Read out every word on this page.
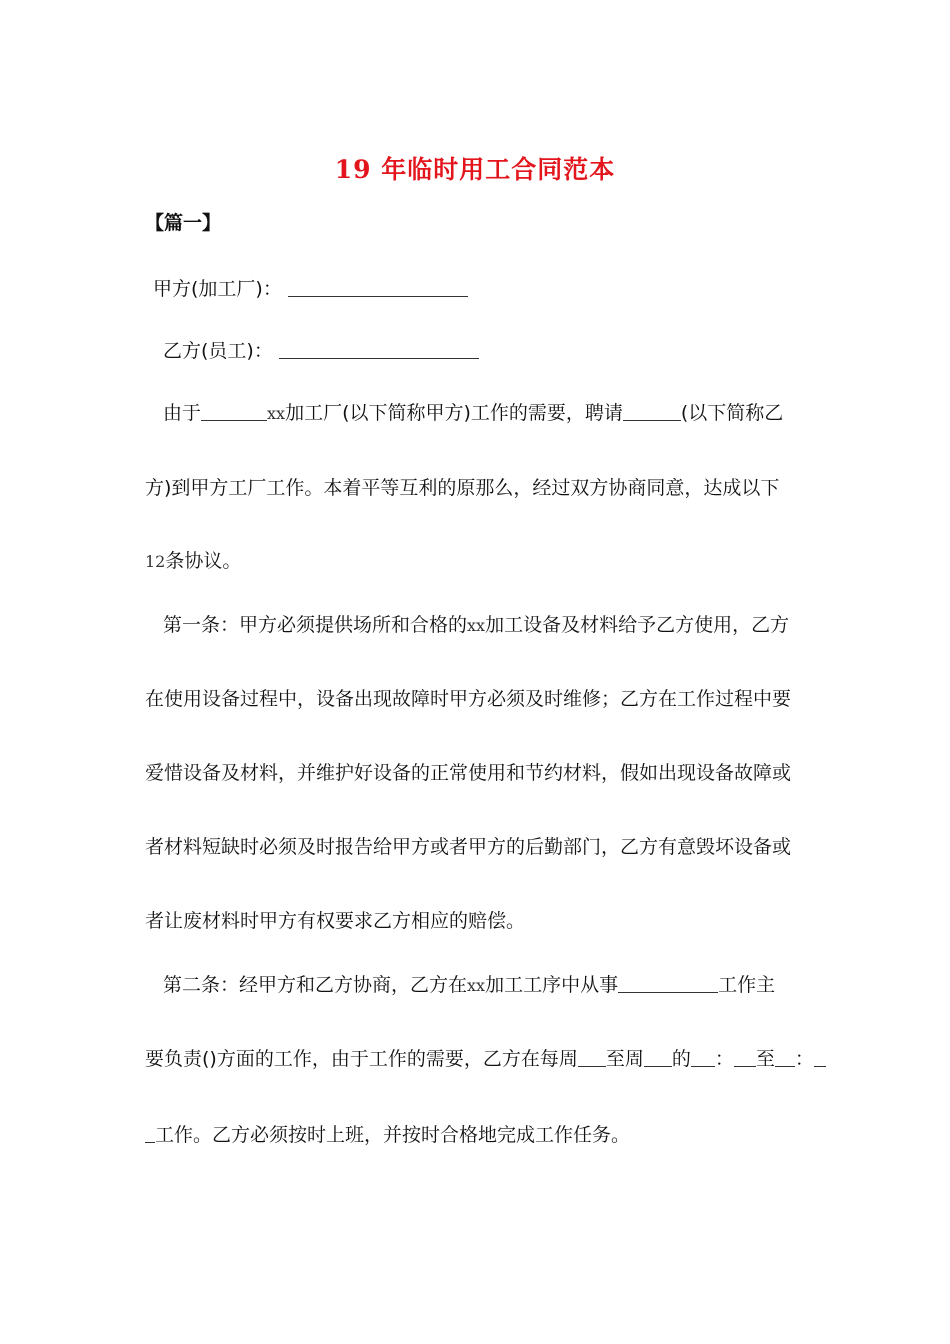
19 年临时用工合同范本
【篇一】
甲方(加工厂)：
乙方(员工)：
由于	xx加工厂(以下简称甲方)工作的需要，聘请	(以下简称乙
方)到甲方工厂工作。本着平等互利的原那么，经过双方协商同意，达成以下
12条协议。
第一条：甲方必须提供场所和合格的xx加工设备及材料给予乙方使用，乙方
在使用设备过程中，设备出现故障时甲方必须及时维修；乙方在工作过程中要
爱惜设备及材料，并维护好设备的正常使用和节约材料，假如出现设备故障或
者材料短缺时必须及时报告给甲方或者甲方的后勤部门，乙方有意毁坏设备或
者让废材料时甲方有权要求乙方相应的赔偿。
第二条：经甲方和乙方协商，乙方在xx加工工序中从事	工作主
要负责()方面的工作，由于工作的需要，乙方在每周 至周 的 ： 至 ：
工作。乙方必须按时上班，并按时合格地完成工作任务。
